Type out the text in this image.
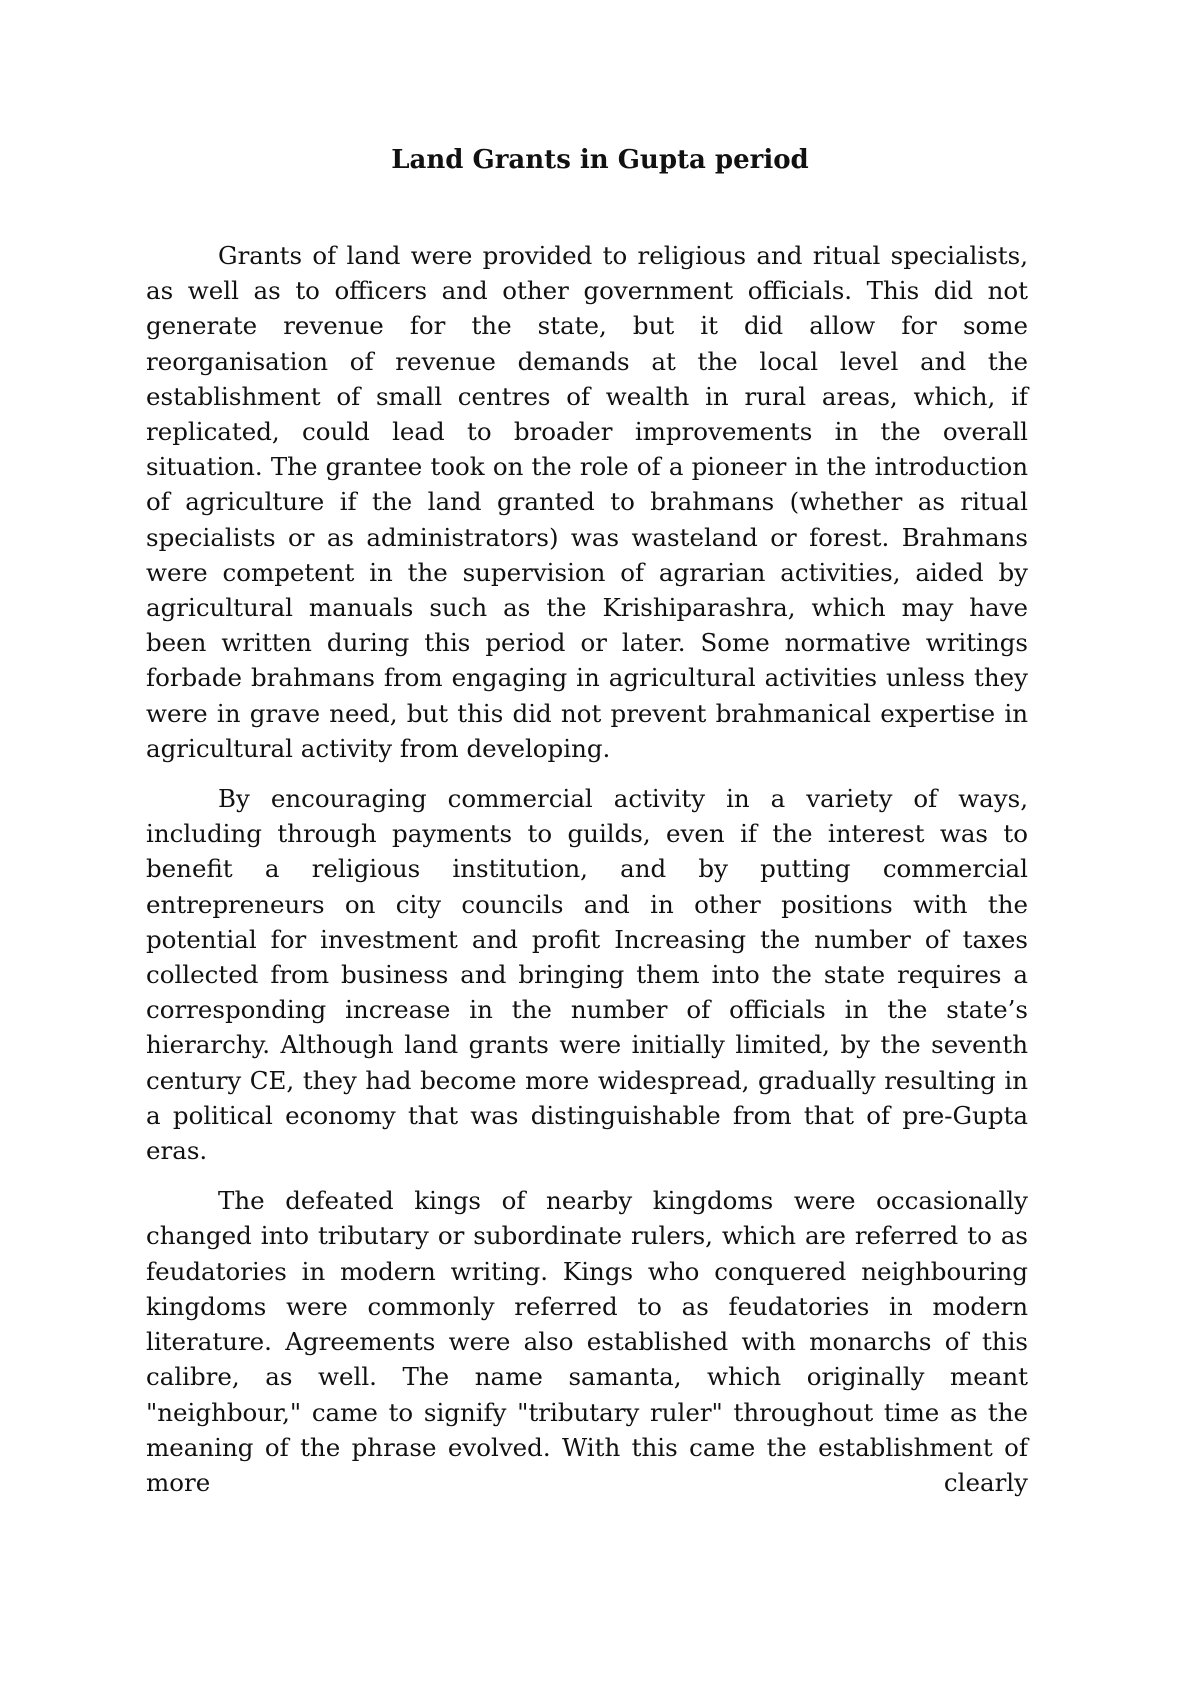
Land Grants in Gupta period

Grants of land were provided to religious and ritual specialists, as well as to officers and other government officials. This did not generate revenue for the state, but it did allow for some reorganisation of revenue demands at the local level and the establishment of small centres of wealth in rural areas, which, if replicated, could lead to broader improvements in the overall situation. The grantee took on the role of a pioneer in the introduction of agriculture if the land granted to brahmans (whether as ritual specialists or as administrators) was wasteland or forest. Brahmans were competent in the supervision of agrarian activities, aided by agricultural manuals such as the Krishiparashra, which may have been written during this period or later. Some normative writings forbade brahmans from engaging in agricultural activities unless they were in grave need, but this did not prevent brahmanical expertise in agricultural activity from developing.

By encouraging commercial activity in a variety of ways, including through payments to guilds, even if the interest was to benefit a religious institution, and by putting commercial entrepreneurs on city councils and in other positions with the potential for investment and profit Increasing the number of taxes collected from business and bringing them into the state requires a corresponding increase in the number of officials in the state’s hierarchy. Although land grants were initially limited, by the seventh century CE, they had become more widespread, gradually resulting in a political economy that was distinguishable from that of pre-Gupta eras.

The defeated kings of nearby kingdoms were occasionally changed into tributary or subordinate rulers, which are referred to as feudatories in modern writing. Kings who conquered neighbouring kingdoms were commonly referred to as feudatories in modern literature. Agreements were also established with monarchs of this calibre, as well. The name samanta, which originally meant "neighbour," came to signify "tributary ruler" throughout time as the meaning of the phrase evolved. With this came the establishment of more clearly
